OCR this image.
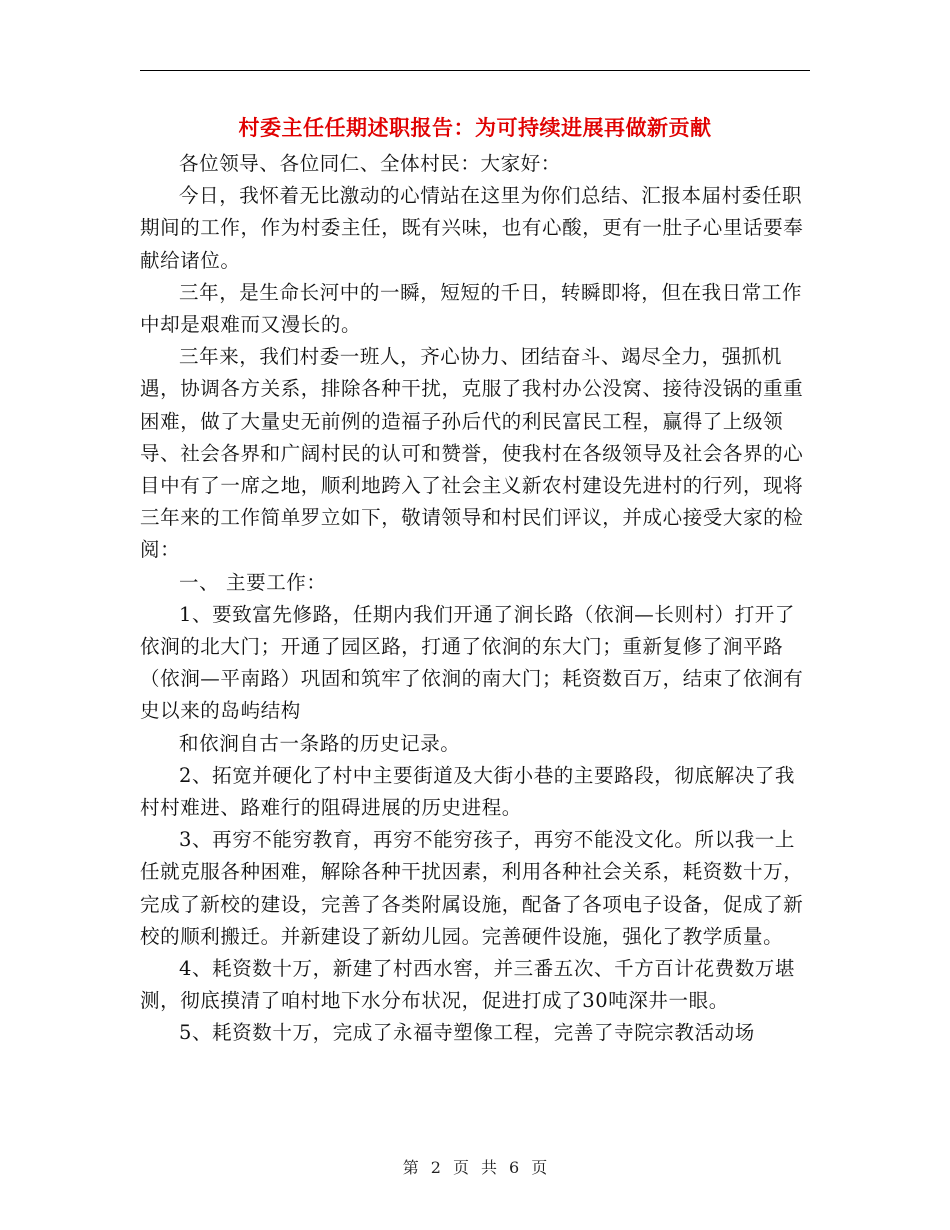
村委主任任期述职报告：为可持续进展再做新贡献

各位领导、各位同仁、全体村民：大家好：

今日，我怀着无比激动的心情站在这里为你们总结、汇报本届村委任职期间的工作，作为村委主任，既有兴味，也有心酸，更有一肚子心里话要奉献给诸位。

三年，是生命长河中的一瞬，短短的千日，转瞬即将，但在我日常工作中却是艰难而又漫长的。

三年来，我们村委一班人，齐心协力、团结奋斗、竭尽全力，强抓机遇，协调各方关系，排除各种干扰，克服了我村办公没窝、接待没锅的重重困难，做了大量史无前例的造福子孙后代的利民富民工程，赢得了上级领导、社会各界和广阔村民的认可和赞誉，使我村在各级领导及社会各界的心目中有了一席之地，顺利地跨入了社会主义新农村建设先进村的行列，现将三年来的工作简单罗立如下，敬请领导和村民们评议，并成心接受大家的检阅：

一、 主要工作：

1、要致富先修路，任期内我们开通了涧长路（依涧—长则村）打开了依涧的北大门；开通了园区路，打通了依涧的东大门；重新复修了涧平路（依涧—平南路）巩固和筑牢了依涧的南大门；耗资数百万，结束了依涧有史以来的岛屿结构

和依涧自古一条路的历史记录。

2、拓宽并硬化了村中主要街道及大街小巷的主要路段，彻底解决了我村村难进、路难行的阻碍进展的历史进程。

3、再穷不能穷教育，再穷不能穷孩子，再穷不能没文化。所以我一上任就克服各种困难，解除各种干扰因素，利用各种社会关系，耗资数十万，完成了新校的建设，完善了各类附属设施，配备了各项电子设备，促成了新校的顺利搬迁。并新建设了新幼儿园。完善硬件设施，强化了教学质量。

4、耗资数十万，新建了村西水窖，并三番五次、千方百计花费数万堪测，彻底摸清了咱村地下水分布状况，促进打成了30吨深井一眼。

5、耗资数十万，完成了永福寺塑像工程，完善了寺院宗教活动场

第 2 页 共 6 页
